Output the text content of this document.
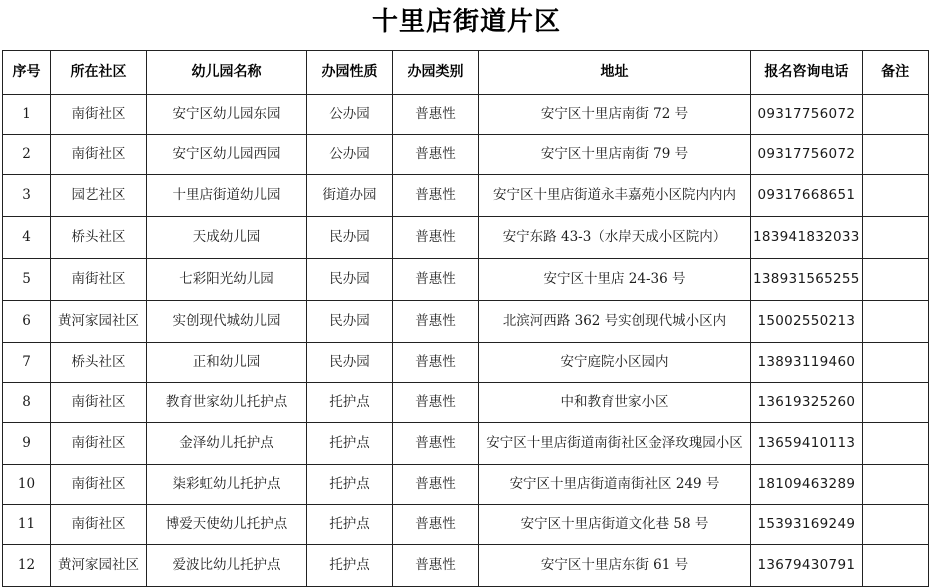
十里店街道片区
序号	所在社区	幼儿园名称	办园性质	办园类别	地址	报名咨询电话	备注
1	南街社区	安宁区幼儿园东园	公办园	普惠性	安宁区十里店南街 72 号	09317756072	
2	南街社区	安宁区幼儿园西园	公办园	普惠性	安宁区十里店南街 79 号	09317756072	
3	园艺社区	十里店街道幼儿园	街道办园	普惠性	安宁区十里店街道永丰嘉苑小区院内内内	09317668651	
4	桥头社区	天成幼儿园	民办园	普惠性	安宁东路 43-3（水岸天成小区院内）	183941832033	
5	南街社区	七彩阳光幼儿园	民办园	普惠性	安宁区十里店 24-36 号	138931565255	
6	黄河家园社区	实创现代城幼儿园	民办园	普惠性	北滨河西路 362 号实创现代城小区内	15002550213	
7	桥头社区	正和幼儿园	民办园	普惠性	安宁庭院小区园内	13893119460	
8	南街社区	教育世家幼儿托护点	托护点	普惠性	中和教育世家小区	13619325260	
9	南街社区	金泽幼儿托护点	托护点	普惠性	安宁区十里店街道南街社区金泽玫瑰园小区	13659410113	
10	南街社区	柒彩虹幼儿托护点	托护点	普惠性	安宁区十里店街道南街社区 249 号	18109463289	
11	南街社区	博爱天使幼儿托护点	托护点	普惠性	安宁区十里店街道文化巷 58 号	15393169249	
12	黄河家园社区	爱波比幼儿托护点	托护点	普惠性	安宁区十里店东街 61 号	13679430791	
